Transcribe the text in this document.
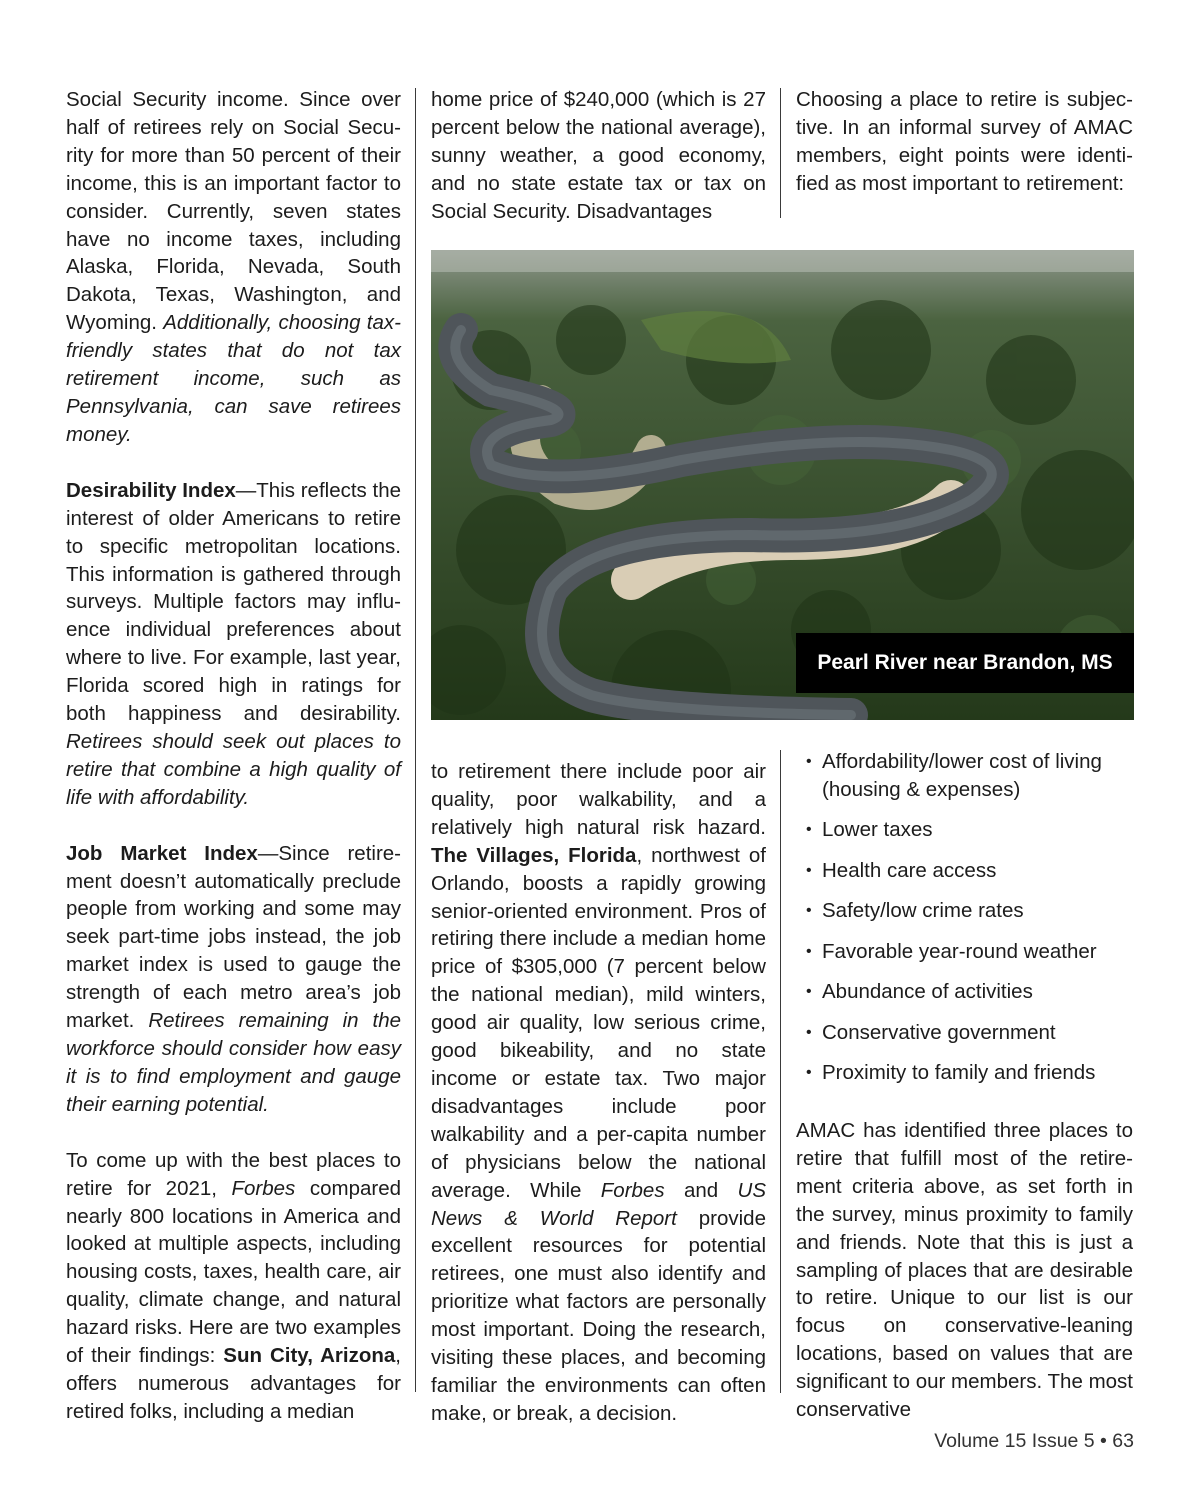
Social Security income. Since over half of retirees rely on Social Security for more than 50 percent of their income, this is an important factor to consider. Currently, seven states have no income taxes, including Alaska, Florida, Nevada, South Dakota, Texas, Washington, and Wyoming. Additionally, choosing tax-friendly states that do not tax retirement income, such as Pennsylvania, can save retirees money.

Desirability Index—This reflects the interest of older Americans to retire to specific metropolitan locations. This information is gathered through surveys. Multiple factors may influence individual preferences about where to live. For example, last year, Florida scored high in ratings for both happiness and desirability. Retirees should seek out places to retire that combine a high quality of life with affordability.

Job Market Index—Since retirement doesn’t automatically preclude people from working and some may seek part-time jobs instead, the job market index is used to gauge the strength of each metro area’s job market. Retirees remaining in the workforce should consider how easy it is to find employment and gauge their earning potential.

To come up with the best places to retire for 2021, Forbes compared nearly 800 locations in America and looked at multiple aspects, including housing costs, taxes, health care, air quality, climate change, and natural hazard risks. Here are two examples of their findings: Sun City, Arizona, offers numerous advantages for retired folks, including a median

home price of $240,000 (which is 27 percent below the national average), sunny weather, a good economy, and no state estate tax or tax on Social Security. Disadvantages

Choosing a place to retire is subjective. In an informal survey of AMAC members, eight points were identified as most important to retirement:

Pearl River near Brandon, MS

to retirement there include poor air quality, poor walkability, and a relatively high natural risk hazard. The Villages, Florida, northwest of Orlando, boosts a rapidly growing senior-oriented environment. Pros of retiring there include a median home price of $305,000 (7 percent below the national median), mild winters, good air quality, low serious crime, good bikeability, and no state income or estate tax. Two major disadvantages include poor walkability and a per-capita number of physicians below the national average. While Forbes and US News & World Report provide excellent resources for potential retirees, one must also identify and prioritize what factors are personally most important. Doing the research, visiting these places, and becoming familiar the environments can often make, or break, a decision.

• Affordability/lower cost of living (housing & expenses)
• Lower taxes
• Health care access
• Safety/low crime rates
• Favorable year-round weather
• Abundance of activities
• Conservative government
• Proximity to family and friends

AMAC has identified three places to retire that fulfill most of the retirement criteria above, as set forth in the survey, minus proximity to family and friends. Note that this is just a sampling of places that are desirable to retire. Unique to our list is our focus on conservative-leaning locations, based on values that are significant to our members. The most conservative

Volume 15 Issue 5 • 63
